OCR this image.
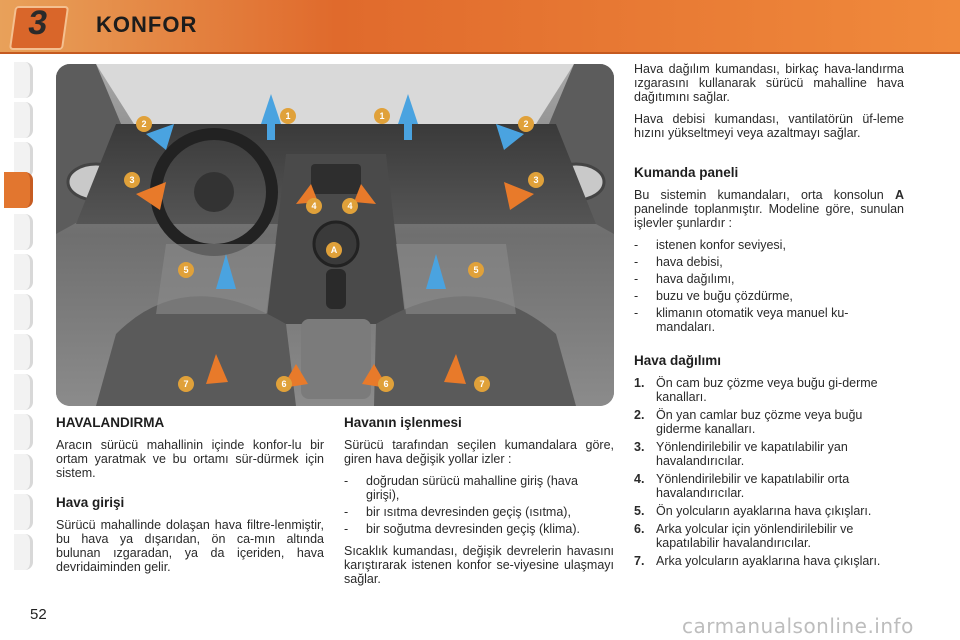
3	KONFOR
1	1
2	2
3	3
4	4
5	5
6	6
7	7
A
HAVALANDIRMA

Aracın sürücü mahallinin içinde konfor-lu bir ortam yaratmak ve bu ortamı sür-dürmek için sistem.

Hava girişi

Sürücü mahallinde dolaşan hava filtre-lenmiştir, bu hava ya dışarıdan, ön ca-mın altında bulunan ızgaradan, ya da içeriden, hava devridaiminden gelir.

Havanın işlenmesi

Sürücü tarafından seçilen kumandalara göre, giren hava değişik yollar izler :

- doğrudan sürücü mahalline giriş (hava girişi),
- bir ısıtma devresinden geçiş (ısıtma),
- bir soğutma devresinden geçiş (klima).

Sıcaklık kumandası, değişik devrelerin havasını karıştırarak istenen konfor se-viyesine ulaşmayı sağlar.

Hava dağılım kumandası, birkaç hava-landırma ızgarasını kullanarak sürücü mahalline hava dağıtımını sağlar.

Hava debisi kumandası, vantilatörün üf-leme hızını yükseltmeyi veya azaltmayı sağlar.

Kumanda paneli

Bu sistemin kumandaları, orta konsolun A panelinde toplanmıştır. Modeline göre, sunulan işlevler şunlardır :

- istenen konfor seviyesi,
- hava debisi,
- hava dağılımı,
- buzu ve buğu çözdürme,
- klimanın otomatik veya manuel ku-mandaları.
Hava dağılımı
1. Ön cam buz çözme veya buğu gi-derme kanalları.
2. Ön yan camlar buz çözme veya buğu giderme kanalları.
3. Yönlendirilebilir ve kapatılabilir yan havalandırıcılar.
4. Yönlendirilebilir ve kapatılabilir orta havalandırıcılar.
5. Ön yolcuların ayaklarına hava çıkışları.
6. Arka yolcular için yönlendirilebilir ve kapatılabilir havalandırıcılar.
7. Arka yolcuların ayaklarına hava çıkışları.
52	carmanualsonline.info
